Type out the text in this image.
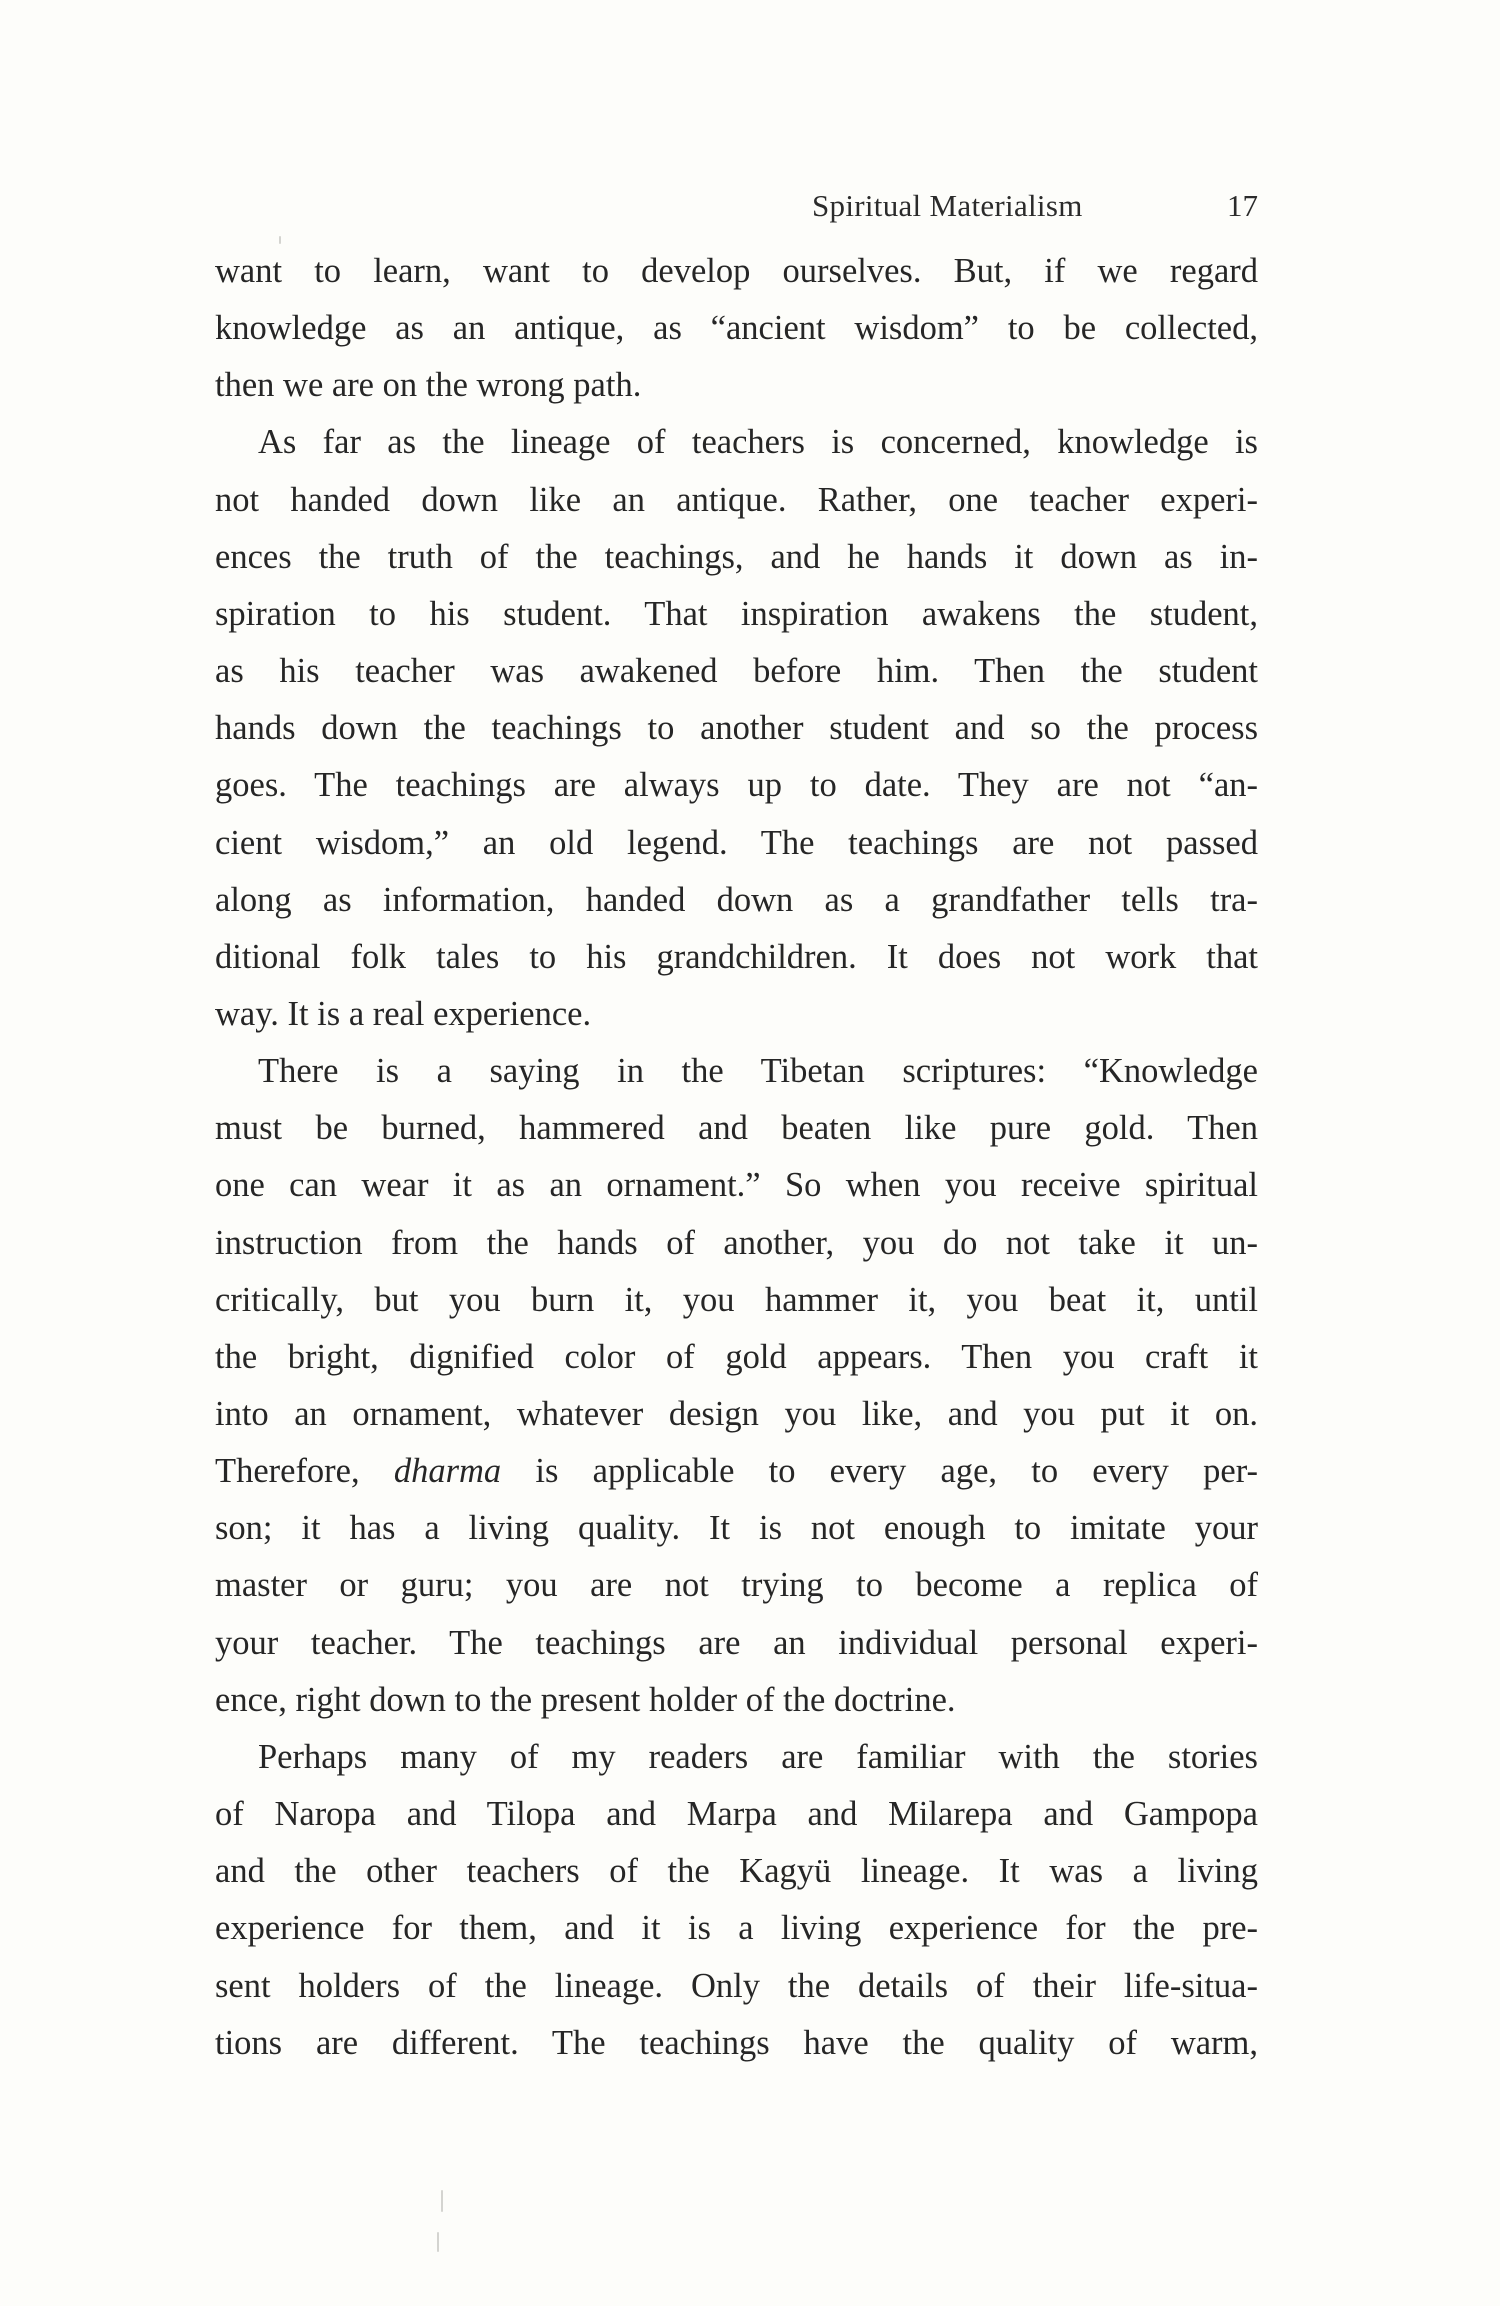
Spiritual Materialism	17
want to learn, want to develop ourselves. But, if we regard
knowledge as an antique, as “ancient wisdom” to be collected,
then we are on the wrong path.
As far as the lineage of teachers is concerned, knowledge is
not handed down like an antique. Rather, one teacher experi-
ences the truth of the teachings, and he hands it down as in-
spiration to his student. That inspiration awakens the student,
as his teacher was awakened before him. Then the student
hands down the teachings to another student and so the process
goes. The teachings are always up to date. They are not “an-
cient wisdom,” an old legend. The teachings are not passed
along as information, handed down as a grandfather tells tra-
ditional folk tales to his grandchildren. It does not work that
way. It is a real experience.
There is a saying in the Tibetan scriptures: “Knowledge
must be burned, hammered and beaten like pure gold. Then
one can wear it as an ornament.” So when you receive spiritual
instruction from the hands of another, you do not take it un-
critically, but you burn it, you hammer it, you beat it, until
the bright, dignified color of gold appears. Then you craft it
into an ornament, whatever design you like, and you put it on.
Therefore, dharma is applicable to every age, to every per-
son; it has a living quality. It is not enough to imitate your
master or guru; you are not trying to become a replica of
your teacher. The teachings are an individual personal experi-
ence, right down to the present holder of the doctrine.
Perhaps many of my readers are familiar with the stories
of Naropa and Tilopa and Marpa and Milarepa and Gampopa
and the other teachers of the Kagyü lineage. It was a living
experience for them, and it is a living experience for the pre-
sent holders of the lineage. Only the details of their life-situa-
tions are different. The teachings have the quality of warm,
